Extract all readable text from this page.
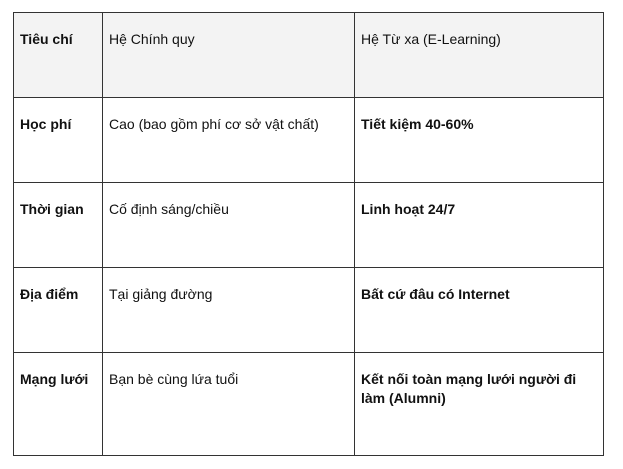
Tiêu chí	Hệ Chính quy	Hệ Từ xa (E-Learning)
Học phí	Cao (bao gồm phí cơ sở vật chất)	Tiết kiệm 40-60%
Thời gian	Cố định sáng/chiều	Linh hoạt 24/7
Địa điểm	Tại giảng đường	Bất cứ đâu có Internet
Mạng lưới	Bạn bè cùng lứa tuổi	Kết nối toàn mạng lưới người đi làm (Alumni)
